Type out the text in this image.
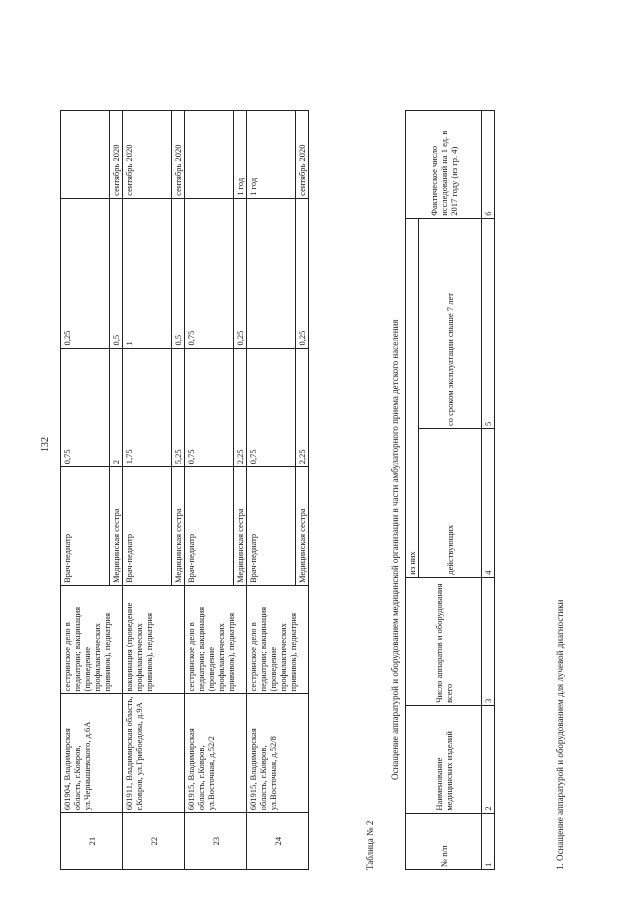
132
21	601904, Владимирская область, г.Ковров, ул.Чернышевского, д.6А	сестринское дело в педиатрии; вакцинация (проведение профилактических прививок), педиатрия	Врач-педиатр	0,75	0,25	
			Медицинская сестра	2	0,5	сентябрь 2020
22	601911, Владимирская область, г.Ковров, ул.Грибоедова, д.9А	вакцинация (проведение профилактических прививок), педиатрия	Врач-педиатр	1,75	1	сентябрь 2020
			Медицинская сестра	5,25	0,5	сентябрь 2020
23	601915, Владимирская область, г.Ковров, ул.Восточная, д.52/2	сестринское дело в педиатрии; вакцинация (проведение профилактических прививок), педиатрия	Врач-педиатр	0,75	0,75	
			Медицинская сестра	2,25	0,25	1 год
24	601915, Владимирская область, г.Ковров, ул.Восточная, д.52/8	сестринское дело в педиатрии; вакцинация (проведение профилактических прививок), педиатрия	Врач-педиатр	0,75		1 год
			Медицинская сестра	2,25	0,25	сентябрь 2020
Таблица № 2
Оснащение аппаратурой и оборудованием медицинской организации в части амбулаторного приема детского населения
№ п/п	Наименование медицинских изделий	Число аппаратов и оборудования всего	из них		Фактическое число исследований на 1 ед. в 2017 году (из гр. 4)
			действующих	со сроком эксплуатации свыше 7 лет	
1	2	3	4	5	6
1. Оснащение аппаратурой и оборудованием для лучевой диагностики
